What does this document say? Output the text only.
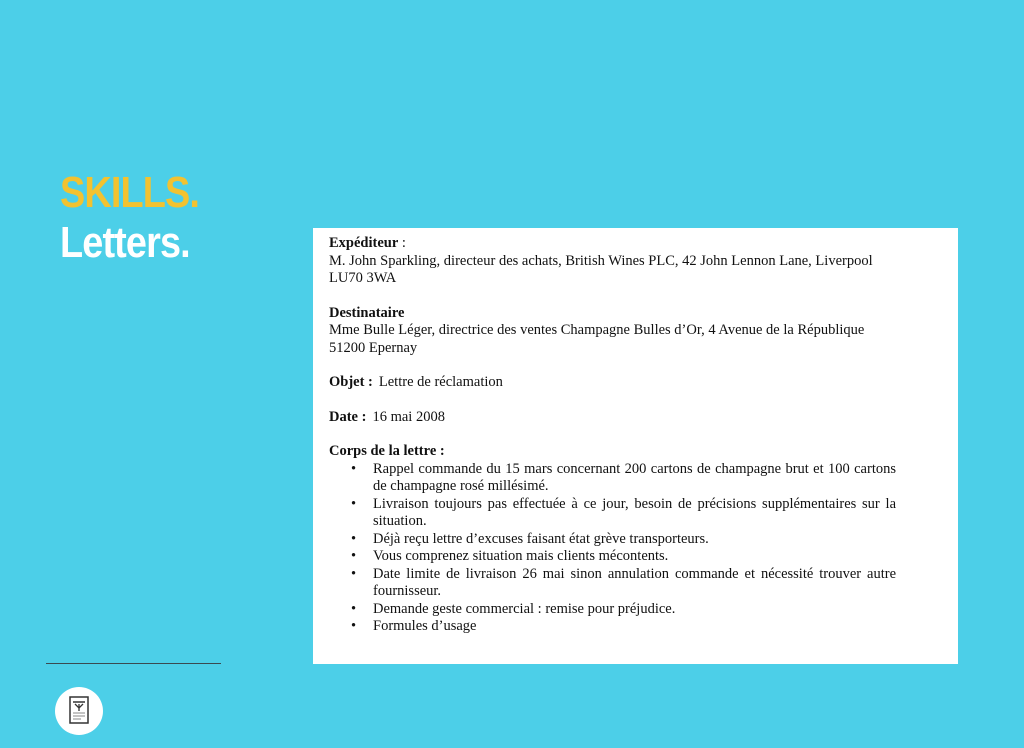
SKILLS.
Letters.	Expéditeur :

M. John Sparkling, directeur des achats, British Wines PLC, 42 John Lennon Lane, Liverpool LU70 3WA

Destinataire

Mme Bulle Léger, directrice des ventes Champagne Bulles d’Or, 4 Avenue de la République

51200 Epernay

Objet : Lettre de réclamation

Date : 16 mai 2008

Corps de la lettre :

• Rappel commande du 15 mars concernant 200 cartons de champagne brut et 100 cartons de champagne rosé millésimé.
• Livraison toujours pas effectuée à ce jour, besoin de précisions supplémentaires sur la situation.
• Déjà reçu lettre d’excuses faisant état grève transporteurs.
• Vous comprenez situation mais clients mécontents.
• Date limite de livraison 26 mai sinon annulation commande et nécessité trouver autre fournisseur.
• Demande geste commercial : remise pour préjudice.
• Formules d’usage
